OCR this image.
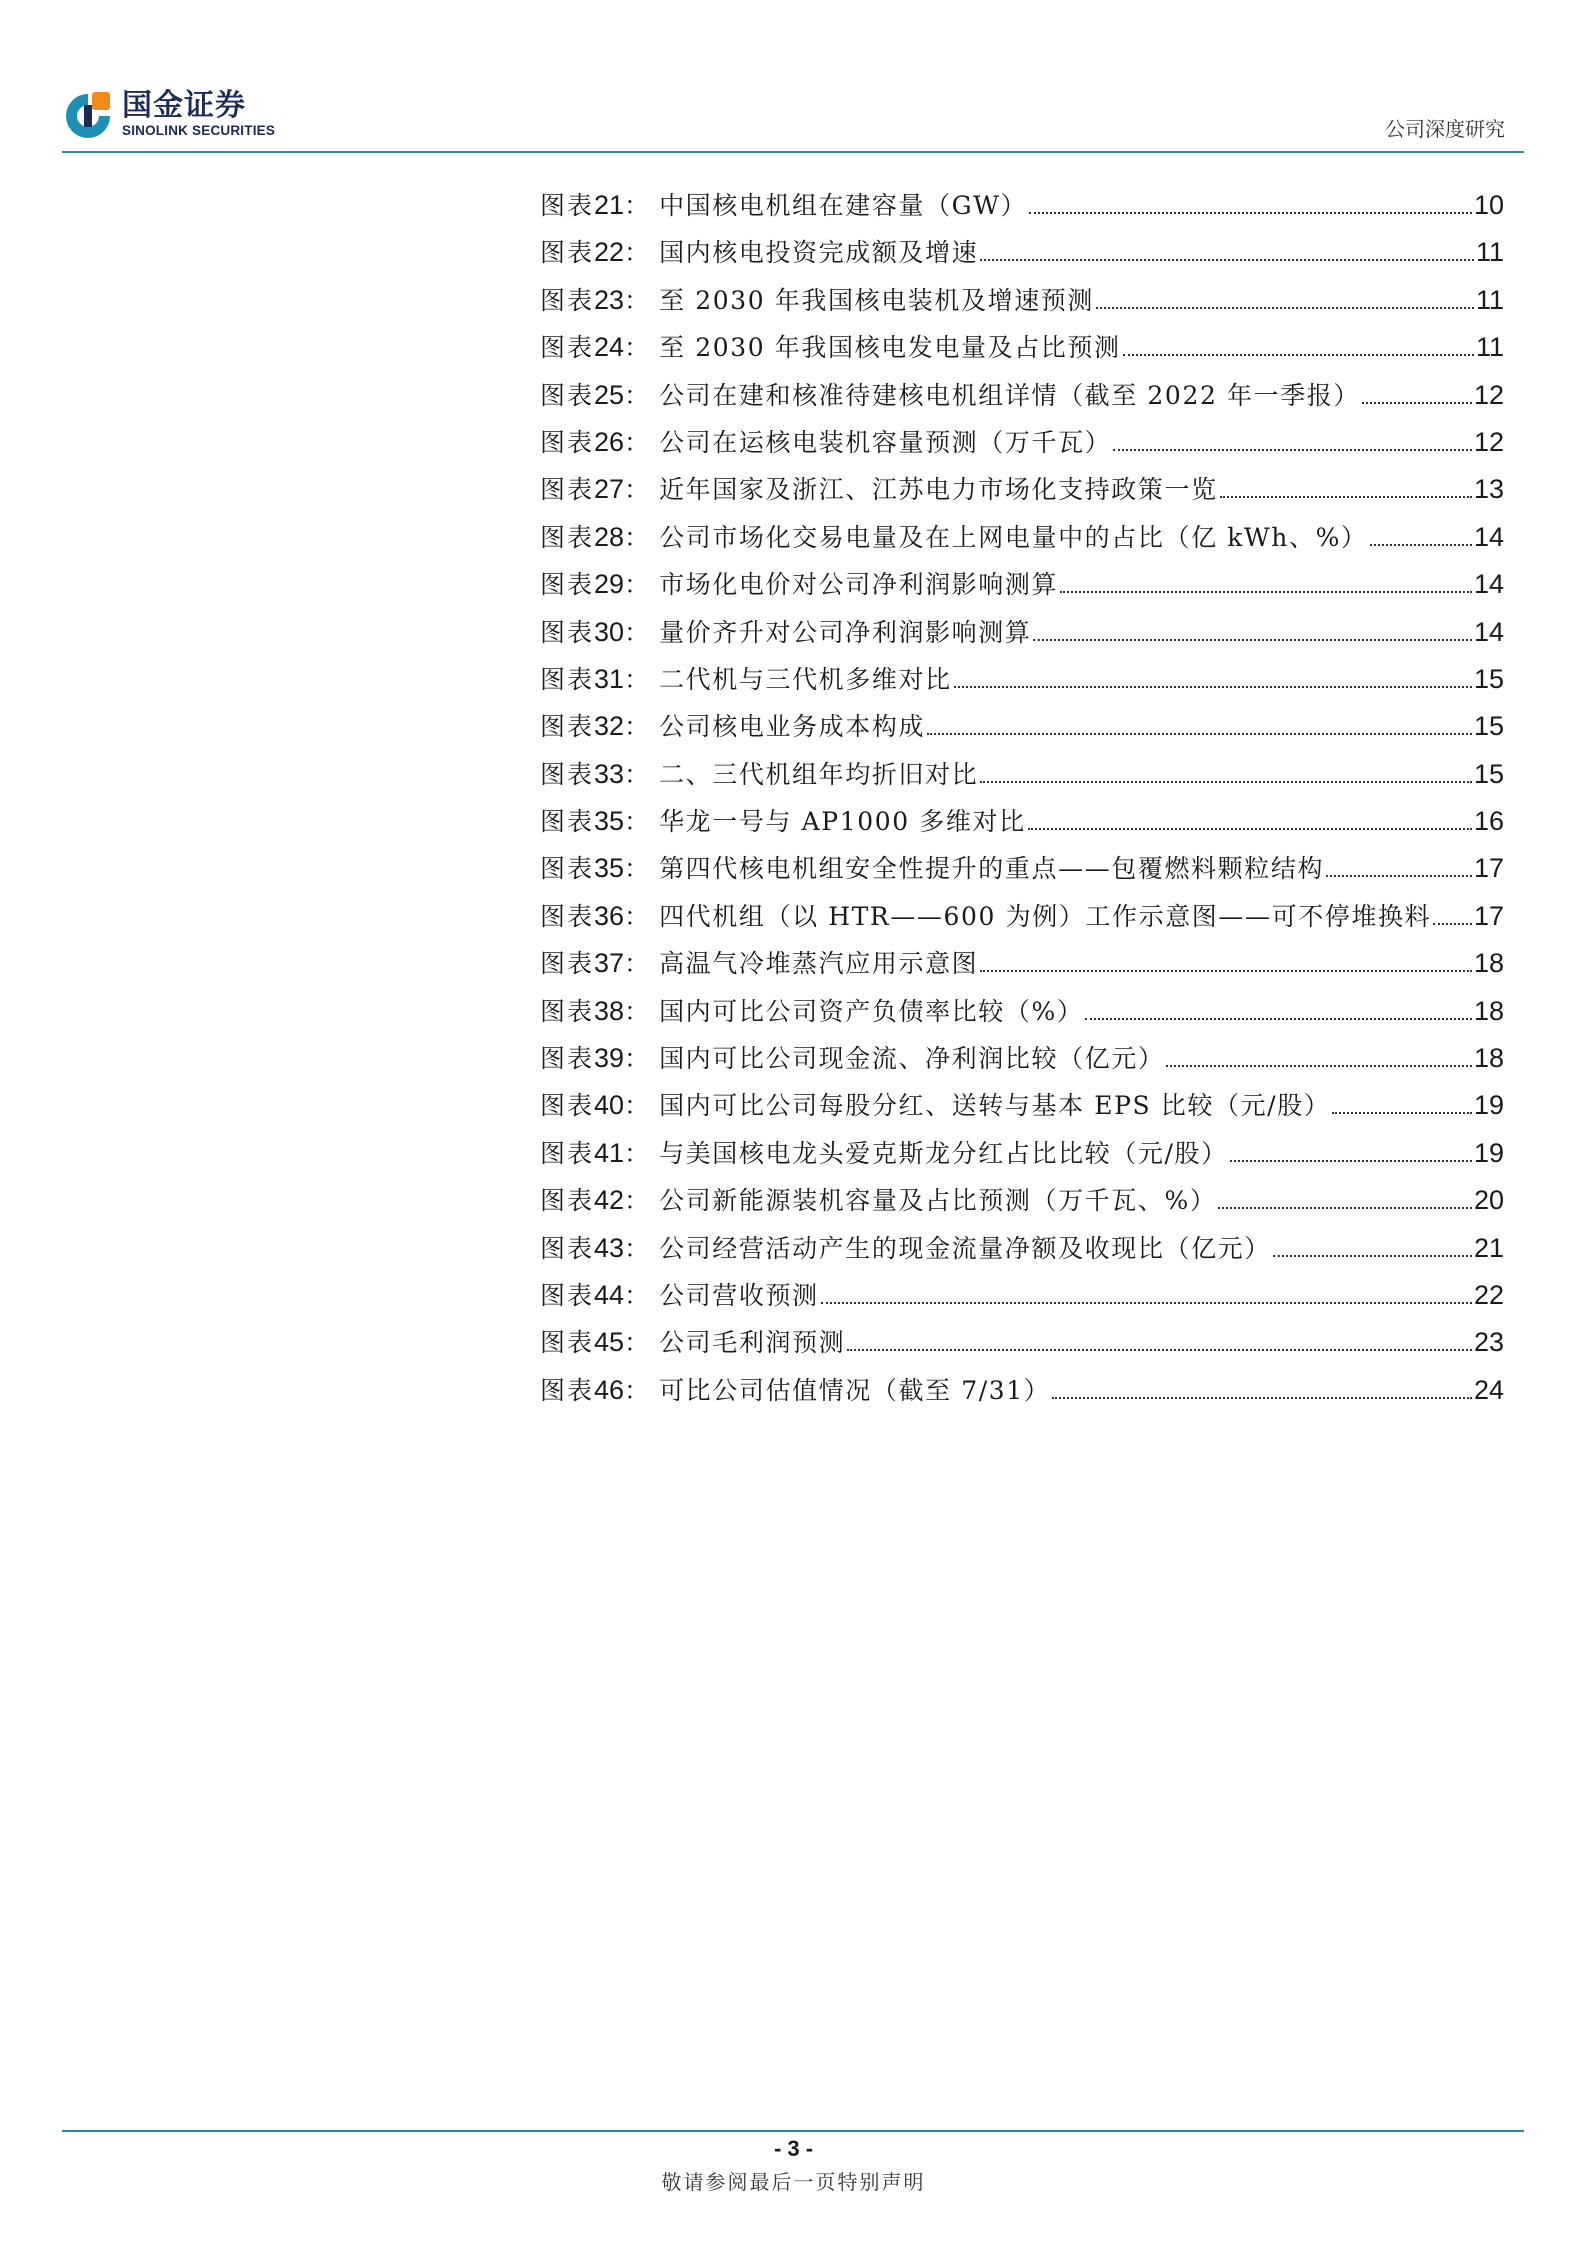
国金证券
SINOLINK SECURITIES	公司深度研究
图表 21 ： 中国核电机组在建容量（GW）	10
图表 22 ： 国内核电投资完成额及增速	11
图表 23 ： 至 2030 年我国核电装机及增速预测	11
图表 24 ： 至 2030 年我国核电发电量及占比预测	11
图表 25 ： 公司在建和核准待建核电机组详情（截至 2022 年一季报）	12
图表 26 ： 公司在运核电装机容量预测（万千瓦）	12
图表 27 ： 近年国家及浙江、江苏电力市场化支持政策一览	13
图表 28 ： 公司市场化交易电量及在上网电量中的占比（亿 kWh、%）	14
图表 29 ： 市场化电价对公司净利润影响测算	14
图表 30 ： 量价齐升对公司净利润影响测算	14
图表 31 ： 二代机与三代机多维对比	15
图表 32 ： 公司核电业务成本构成	15
图表 33 ： 二、三代机组年均折旧对比	15
图表 35 ： 华龙一号与 AP1000 多维对比	16
图表 35 ： 第四代核电机组安全性提升的重点——包覆燃料颗粒结构	17
图表 36 ： 四代机组（以 HTR——600 为例）工作示意图——可不停堆换料 17
图表 37 ： 高温气冷堆蒸汽应用示意图	18
图表 38 ： 国内可比公司资产负债率比较（%）	18
图表 39 ： 国内可比公司现金流、净利润比较（亿元）	18
图表 40 ： 国内可比公司每股分红、送转与基本 EPS 比较（元/股）	19
图表 41 ： 与美国核电龙头爱克斯龙分红占比比较（元/股）	19
图表 42 ： 公司新能源装机容量及占比预测（万千瓦、%）	20
图表 43 ： 公司经营活动产生的现金流量净额及收现比（亿元）	21
图表 44 ： 公司营收预测	22
图表 45 ： 公司毛利润预测	23
图表 46 ： 可比公司估值情况（截至 7/31）	24
- 3 -
敬请参阅最后一页特别声明
